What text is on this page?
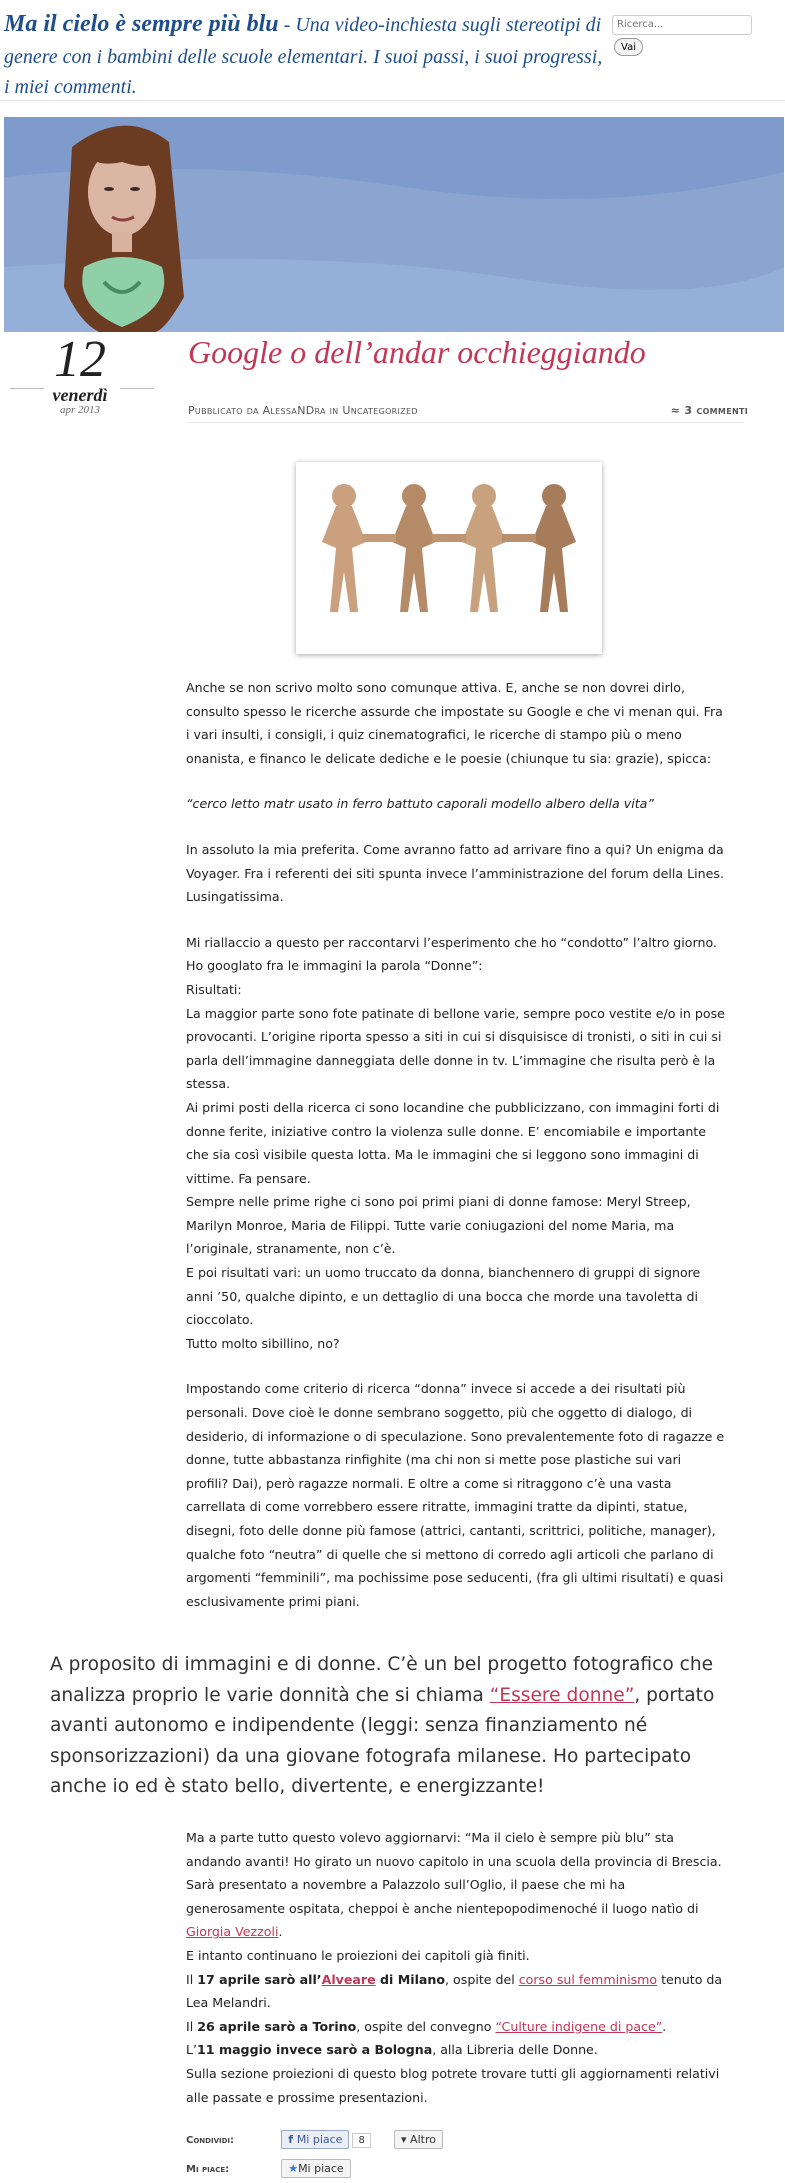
Ma il cielo è sempre più blu - Una video-inchiesta sugli stereotipi di genere con i bambini delle scuole elementari. I suoi passi, i suoi progressi, i miei commenti.
Ricerca... Vai
12
venerdì
apr 2013
Google o dell’andar occhieggiando
Pubblicato da AlessaNDra in Uncategorized	≈ 3 commenti

Anche se non scrivo molto sono comunque attiva. E, anche se non dovrei dirlo, consulto spesso le ricerche assurde che impostate su Google e che vi menan qui. Fra i vari insulti, i consigli, i quiz cinematografici, le ricerche di stampo più o meno onanista, e financo le delicate dediche e le poesie (chiunque tu sia: grazie), spicca:

“cerco letto matr usato in ferro battuto caporali modello albero della vita”

In assoluto la mia preferita. Come avranno fatto ad arrivare fino a qui? Un enigma da Voyager. Fra i referenti dei siti spunta invece l’amministrazione del forum della Lines. Lusingatissima.

Mi riallaccio a questo per raccontarvi l’esperimento che ho “condotto” l’altro giorno. Ho googlato fra le immagini la parola “Donne”:
Risultati:
La maggior parte sono fote patinate di bellone varie, sempre poco vestite e/o in pose provocanti. L’origine riporta spesso a siti in cui si disquisisce di tronisti, o siti in cui si parla dell’immagine danneggiata delle donne in tv. L’immagine che risulta però è la stessa.
Ai primi posti della ricerca ci sono locandine che pubblicizzano, con immagini forti di donne ferite, iniziative contro la violenza sulle donne. E’ encomiabile e importante che sia così visibile questa lotta. Ma le immagini che si leggono sono immagini di vittime. Fa pensare.
Sempre nelle prime righe ci sono poi primi piani di donne famose: Meryl Streep, Marilyn Monroe, Maria de Filippi. Tutte varie coniugazioni del nome Maria, ma l’originale, stranamente, non c’è.
E poi risultati vari: un uomo truccato da donna, bianchennero di gruppi di signore anni ’50, qualche dipinto, e un dettaglio di una bocca che morde una tavoletta di cioccolato.
Tutto molto sibillino, no?

Impostando come criterio di ricerca “donna” invece si accede a dei risultati più personali. Dove cioè le donne sembrano soggetto, più che oggetto di dialogo, di desiderio, di informazione o di speculazione. Sono prevalentemente foto di ragazze e donne, tutte abbastanza rinfighite (ma chi non si mette pose plastiche sui vari profili? Dai), però ragazze normali. E oltre a come si ritraggono c’è una vasta carrellata di come vorrebbero essere ritratte, immagini tratte da dipinti, statue, disegni, foto delle donne più famose (attrici, cantanti, scrittrici, politiche, manager), qualche foto “neutra” di quelle che si mettono di corredo agli articoli che parlano di argomenti “femminili”, ma pochissime pose seducenti, (fra gli ultimi risultati) e quasi esclusivamente primi piani.

A proposito di immagini e di donne. C’è un bel progetto fotografico che analizza proprio le varie donnità che si chiama “Essere donne”, portato avanti autonomo e indipendente (leggi: senza finanziamento né sponsorizzazioni) da una giovane fotografa milanese. Ho partecipato anche io ed è stato bello, divertente, e energizzante!
Ma a parte tutto questo volevo aggiornarvi: “Ma il cielo è sempre più blu” sta andando avanti! Ho girato un nuovo capitolo in una scuola della provincia di Brescia. Sarà presentato a novembre a Palazzolo sull’Oglio, il paese che mi ha generosamente ospitata, cheppoi è anche nientepopodimenoché il luogo natìo di Giorgia Vezzoli.
E intanto continuano le proiezioni dei capitoli già finiti.
Il 17 aprile sarò all’Alveare di Milano, ospite del corso sul femminismo tenuto da Lea Melandri.
Il 26 aprile sarò a Torino, ospite del convegno “Culture indigene di pace”.
L’11 maggio invece sarò a Bologna, alla Libreria delle Donne.
Sulla sezione proiezioni di questo blog potrete trovare tutti gli aggiornamenti relativi alle passate e prossime presentazioni.
Condividi:	f Mi piace 8	▾ Altro
Mi piace:	★Mi piace
